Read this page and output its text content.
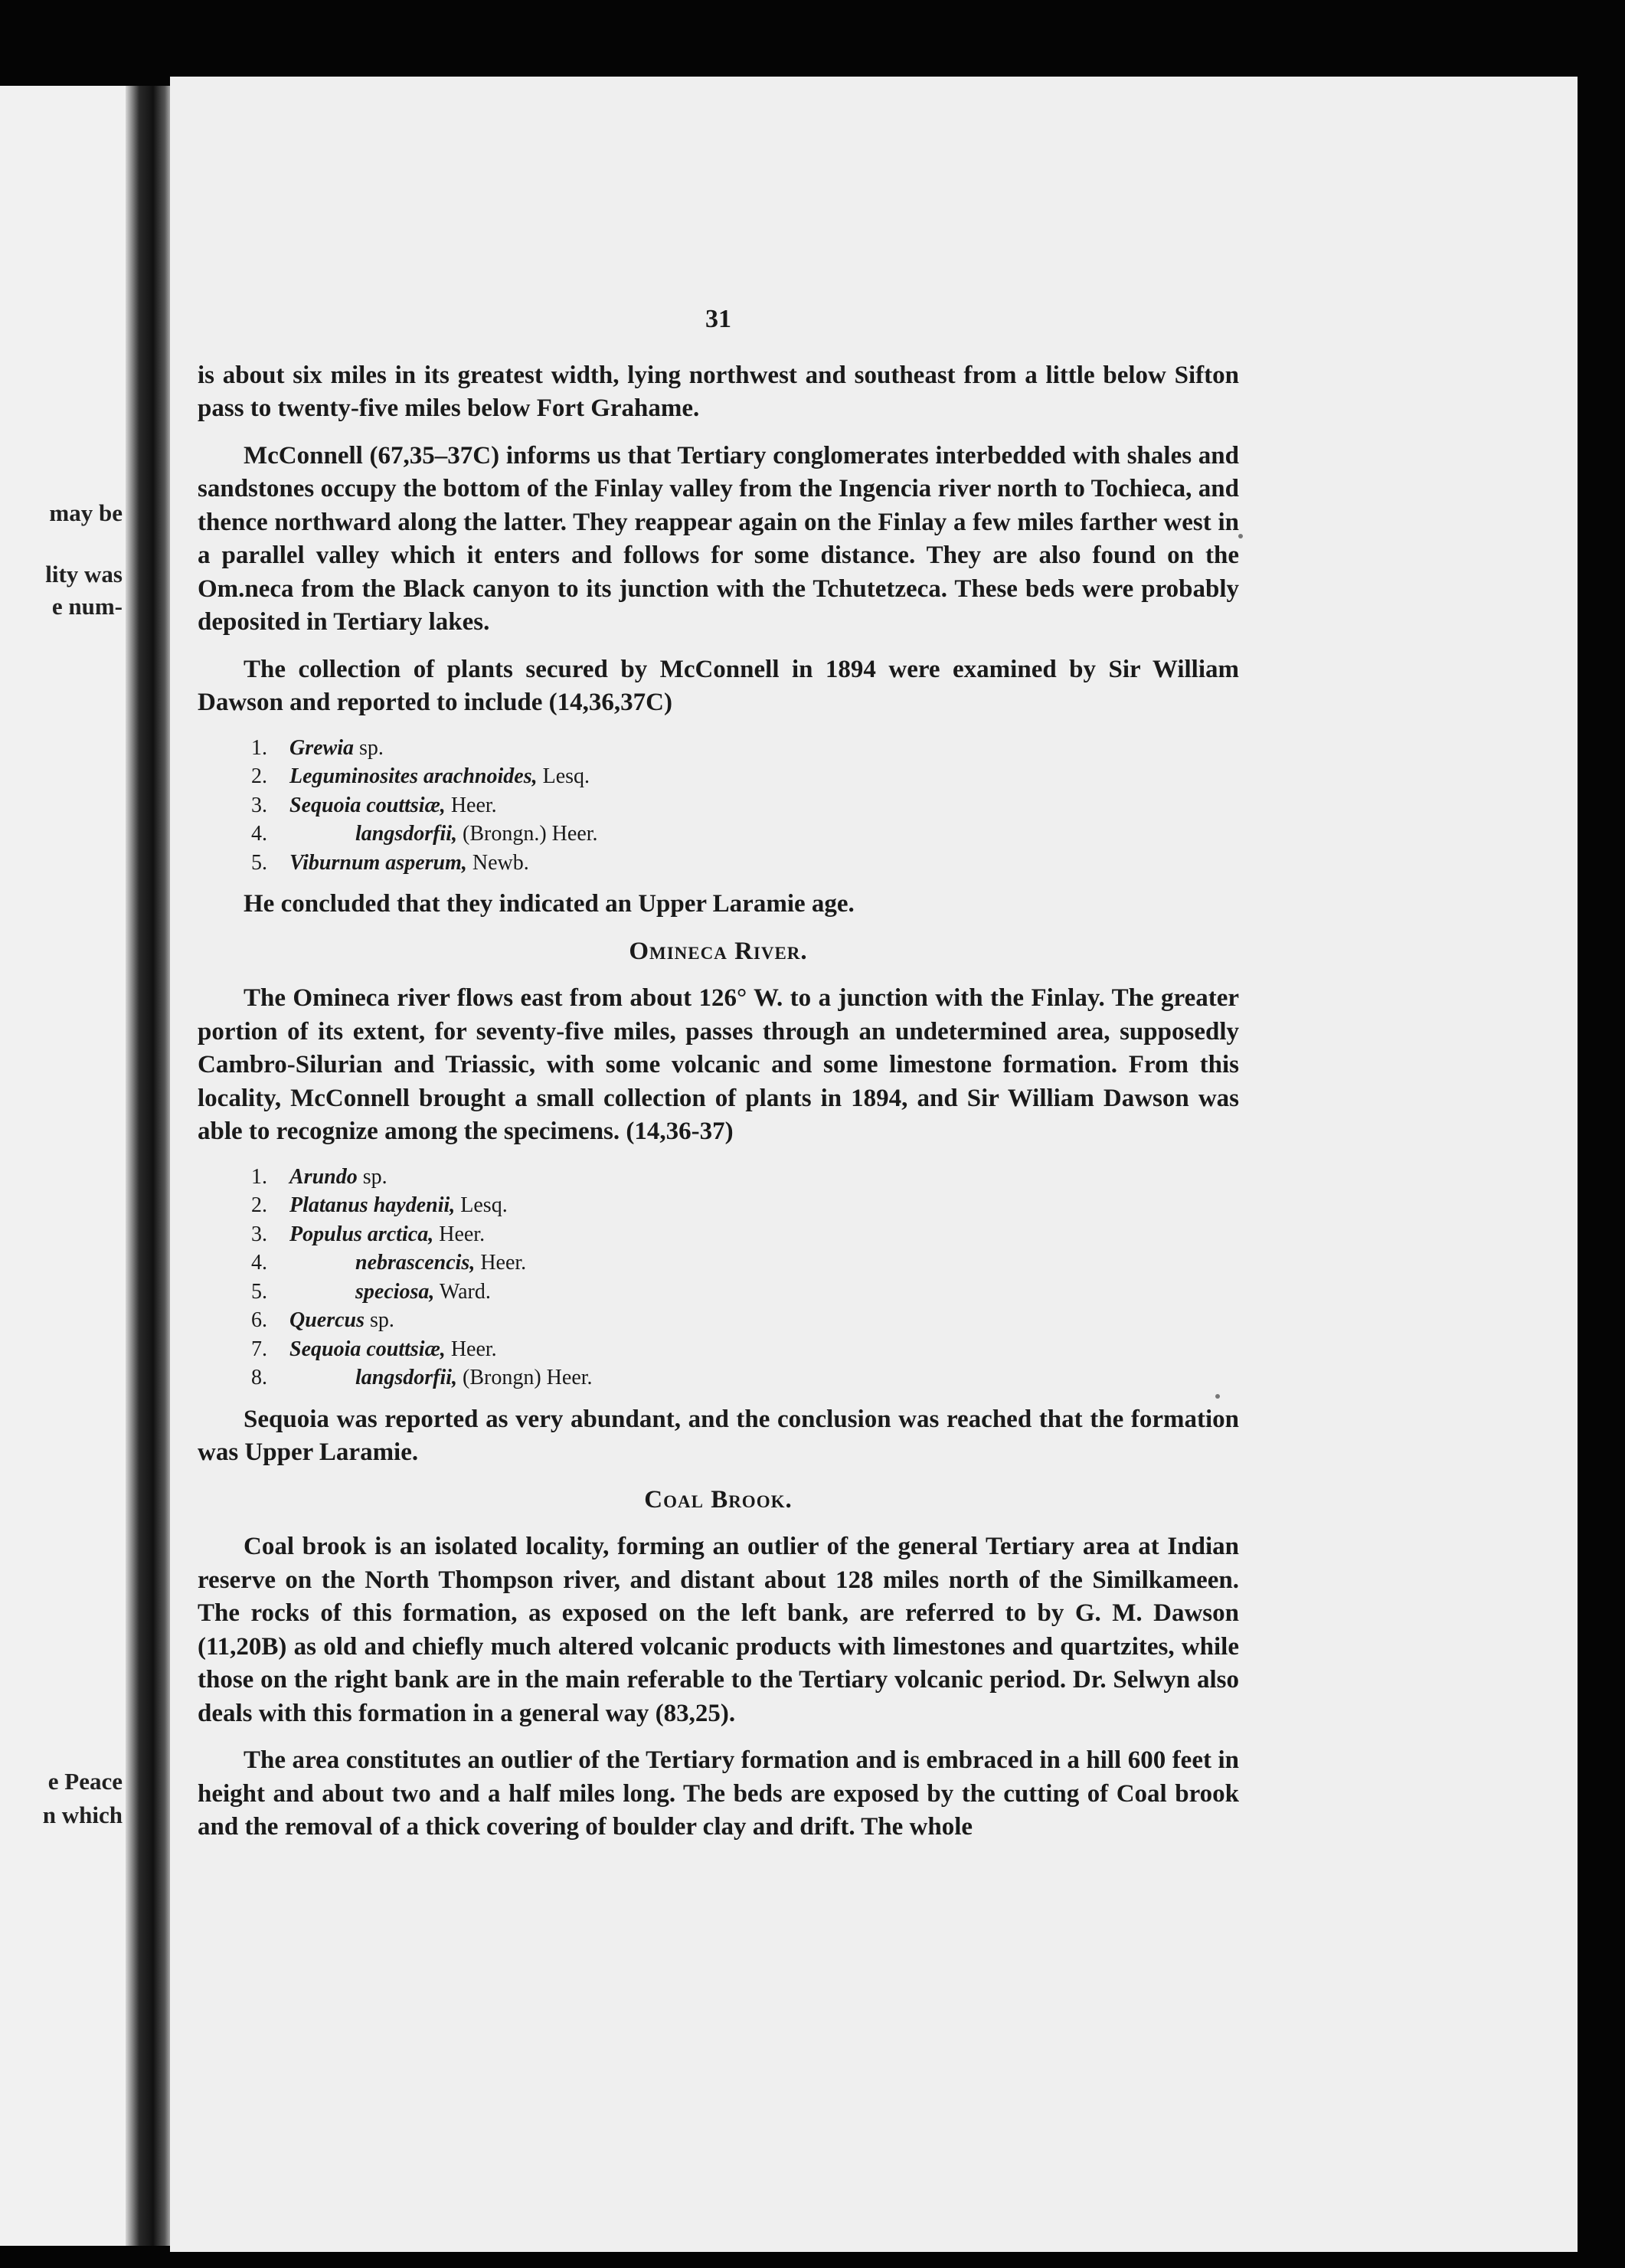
may be
lity was
e num-
e Peace
n which
31

is about six miles in its greatest width, lying northwest and southeast from a little below Sifton pass to twenty-five miles below Fort Grahame.

McConnell (67,35–37C) informs us that Tertiary conglomerates interbedded with shales and sandstones occupy the bottom of the Finlay valley from the Ingencia river north to Tochieca, and thence northward along the latter. They reappear again on the Finlay a few miles farther west in a parallel valley which it enters and follows for some distance. They are also found on the Om.neca from the Black canyon to its junction with the Tchutetzeca. These beds were probably deposited in Tertiary lakes.

The collection of plants secured by McConnell in 1894 were examined by Sir William Dawson and reported to include (14,36,37C)

1.	Grewia sp.
2.	Leguminosites arachnoides, Lesq.
3.	Sequoia couttsiæ, Heer.
4.	langsdorfii, (Brongn.) Heer.
5.	Viburnum asperum, Newb.

He concluded that they indicated an Upper Laramie age.

Omineca River.

The Omineca river flows east from about 126° W. to a junction with the Finlay. The greater portion of its extent, for seventy-five miles, passes through an undetermined area, supposedly Cambro-Silurian and Triassic, with some volcanic and some limestone formation. From this locality, McConnell brought a small collection of plants in 1894, and Sir William Dawson was able to recognize among the specimens. (14,36-37)

1.	Arundo sp.
2.	Platanus haydenii, Lesq.
3.	Populus arctica, Heer.
4.	nebrascencis, Heer.
5.	speciosa, Ward.
6.	Quercus sp.
7.	Sequoia couttsiæ, Heer.
8.	langsdorfii, (Brongn) Heer.

Sequoia was reported as very abundant, and the conclusion was reached that the formation was Upper Laramie.

Coal Brook.

Coal brook is an isolated locality, forming an outlier of the general Tertiary area at Indian reserve on the North Thompson river, and distant about 128 miles north of the Similkameen. The rocks of this formation, as exposed on the left bank, are referred to by G. M. Dawson (11,20B) as old and chiefly much altered volcanic products with limestones and quartzites, while those on the right bank are in the main referable to the Tertiary volcanic period. Dr. Selwyn also deals with this formation in a general way (83,25).

The area constitutes an outlier of the Tertiary formation and is embraced in a hill 600 feet in height and about two and a half miles long. The beds are exposed by the cutting of Coal brook and the removal of a thick covering of boulder clay and drift. The whole
